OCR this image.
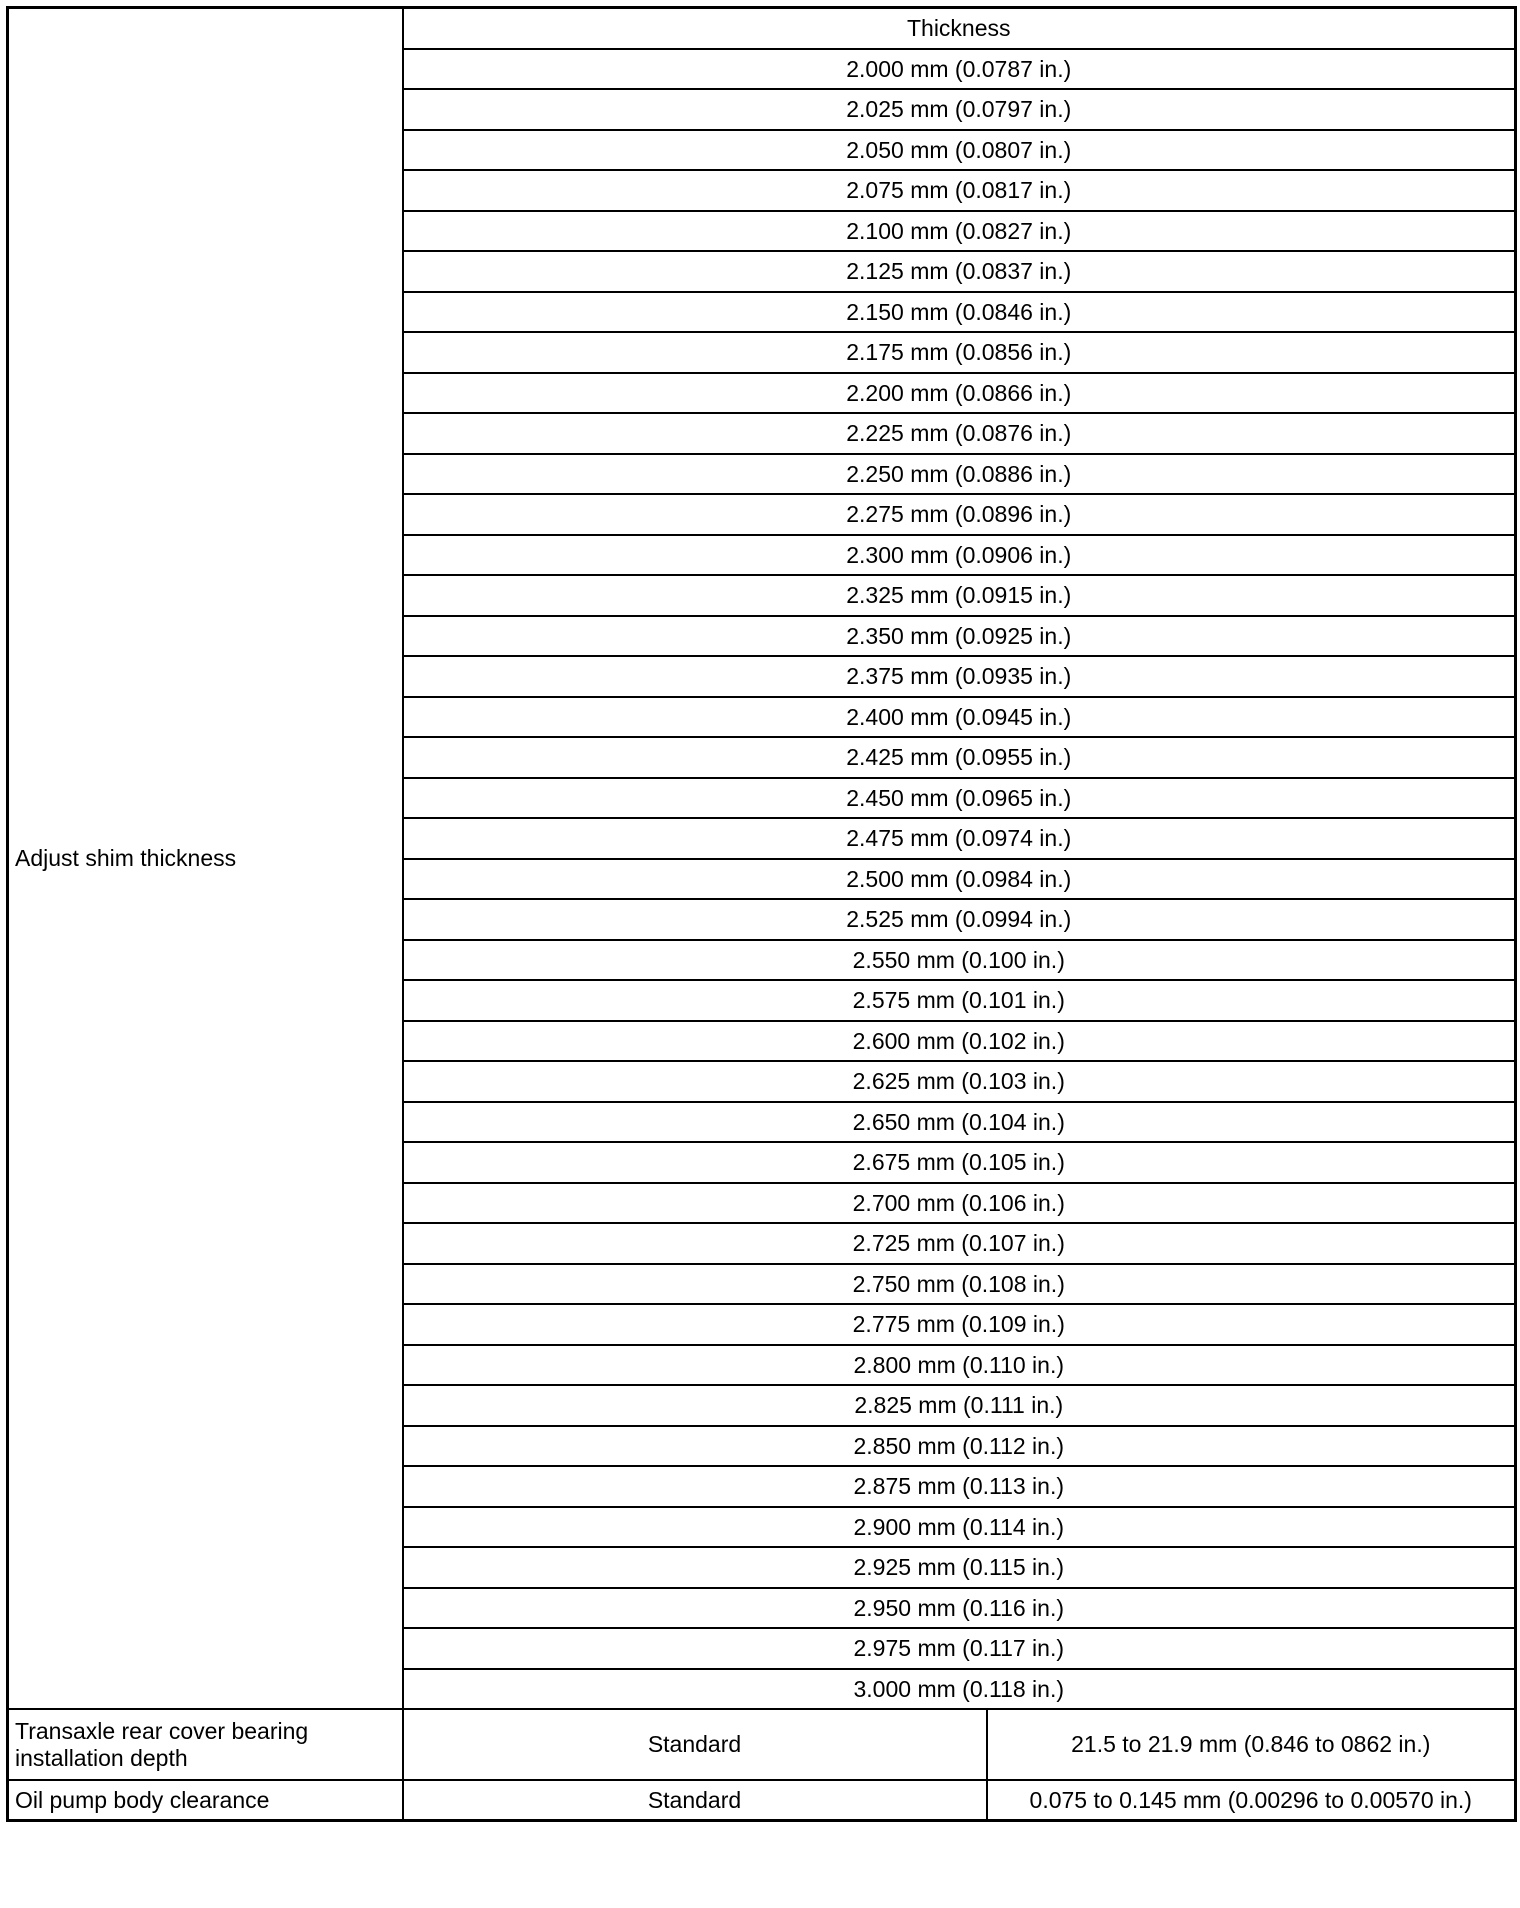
Adjust shim thickness	Thickness	
	2.000 mm (0.0787 in.)	
	2.025 mm (0.0797 in.)	
	2.050 mm (0.0807 in.)	
	2.075 mm (0.0817 in.)	
	2.100 mm (0.0827 in.)	
	2.125 mm (0.0837 in.)	
	2.150 mm (0.0846 in.)	
	2.175 mm (0.0856 in.)	
	2.200 mm (0.0866 in.)	
	2.225 mm (0.0876 in.)	
	2.250 mm (0.0886 in.)	
	2.275 mm (0.0896 in.)	
	2.300 mm (0.0906 in.)	
	2.325 mm (0.0915 in.)	
	2.350 mm (0.0925 in.)	
	2.375 mm (0.0935 in.)	
	2.400 mm (0.0945 in.)	
	2.425 mm (0.0955 in.)	
	2.450 mm (0.0965 in.)	
	2.475 mm (0.0974 in.)	
	2.500 mm (0.0984 in.)	
	2.525 mm (0.0994 in.)	
	2.550 mm (0.100 in.)	
	2.575 mm (0.101 in.)	
	2.600 mm (0.102 in.)	
	2.625 mm (0.103 in.)	
	2.650 mm (0.104 in.)	
	2.675 mm (0.105 in.)	
	2.700 mm (0.106 in.)	
	2.725 mm (0.107 in.)	
	2.750 mm (0.108 in.)	
	2.775 mm (0.109 in.)	
	2.800 mm (0.110 in.)	
	2.825 mm (0.111 in.)	
	2.850 mm (0.112 in.)	
	2.875 mm (0.113 in.)	
	2.900 mm (0.114 in.)	
	2.925 mm (0.115 in.)	
	2.950 mm (0.116 in.)	
	2.975 mm (0.117 in.)	
	3.000 mm (0.118 in.)	
Transaxle rear cover bearing installation depth	Standard	21.5 to 21.9 mm (0.846 to 0862 in.)
Oil pump body clearance	Standard	0.075 to 0.145 mm (0.00296 to 0.00570 in.)
